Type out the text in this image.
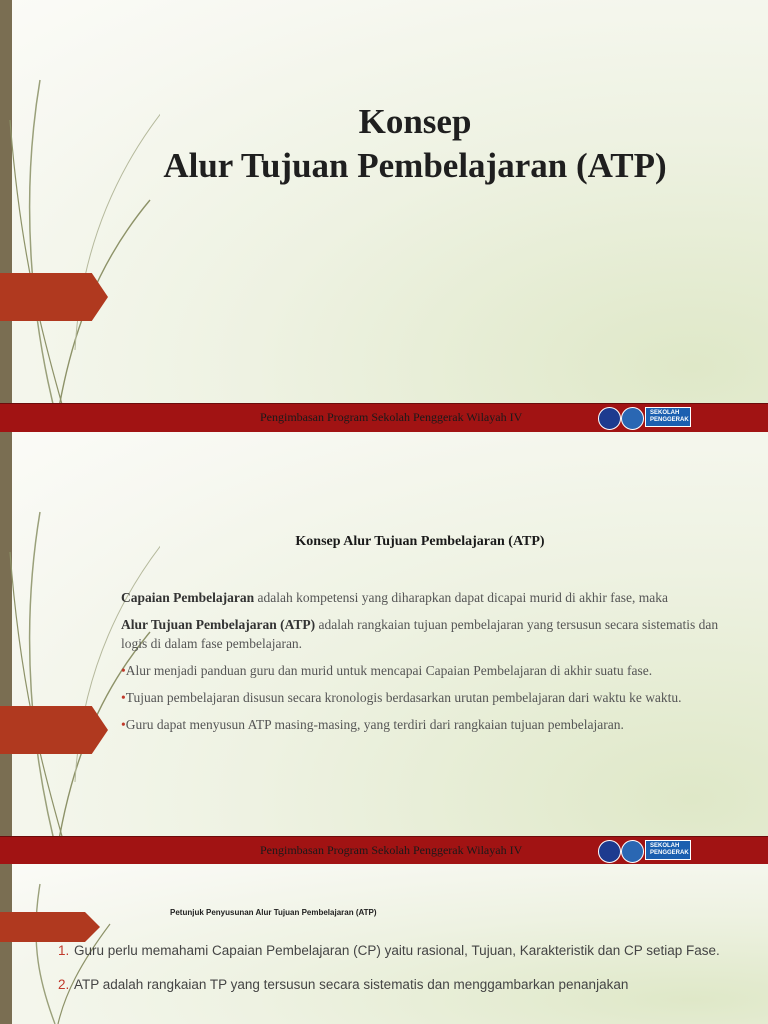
Konsep
Alur Tujuan Pembelajaran (ATP)
Pengimbasan Program Sekolah Penggerak Wilayah IV	SEKOLAH
PENGGERAK
Konsep Alur Tujuan Pembelajaran (ATP)

Capaian Pembelajaran adalah kompetensi yang diharapkan dapat dicapai murid di akhir fase, maka

Alur Tujuan Pembelajaran (ATP) adalah rangkaian tujuan pembelajaran yang tersusun secara sistematis dan logis di dalam fase pembelajaran.

•Alur menjadi panduan guru dan murid untuk mencapai Capaian Pembelajaran di akhir suatu fase.

•Tujuan pembelajaran disusun secara kronologis berdasarkan urutan pembelajaran dari waktu ke waktu.

•Guru dapat menyusun ATP masing-masing, yang terdiri dari rangkaian tujuan pembelajaran.

Pengimbasan Program Sekolah Penggerak Wilayah IV	SEKOLAH
PENGGERAK
Petunjuk Penyusunan Alur Tujuan Pembelajaran (ATP)
1. Guru perlu memahami Capaian Pembelajaran (CP) yaitu rasional, Tujuan, Karakteristik dan CP setiap Fase.
2. ATP adalah rangkaian TP yang tersusun secara sistematis dan menggambarkan penanjakan
